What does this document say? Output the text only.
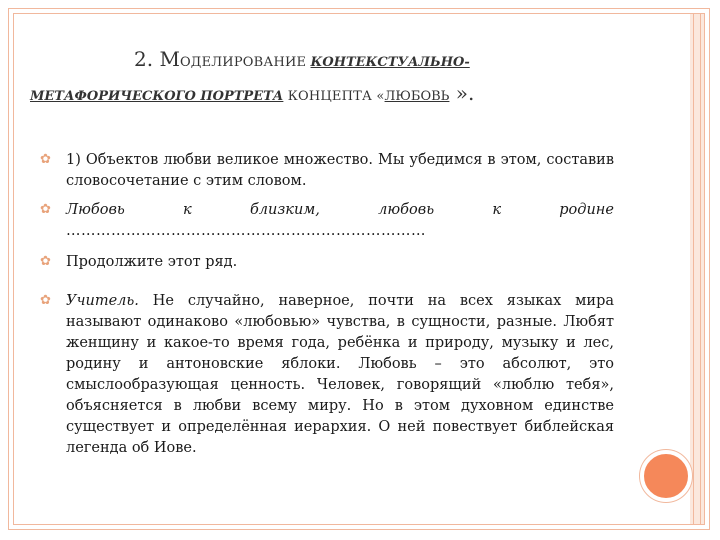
2. МОДЕЛИРОВАНИЕ КОНТЕКСТУАЛЬНО-
МЕТАФОРИЧЕСКОГО ПОРТРЕТА КОНЦЕПТА «ЛЮБОВЬ ».
✿ 1) Объектов любви великое множество. Мы убедимся в этом, составив словосочетание с этим словом.
✿ Любовь	к	близким,	любовь	к	родине
………………………………………………………………
✿ Продолжите этот ряд.
✿ Учитель. Не случайно, наверное, почти на всех языках мира называют одинаково «любовью» чувства, в сущности, разные. Любят женщину и какое-то время года, ребёнка и природу, музыку и лес, родину и антоновские яблоки. Любовь – это абсолют, это смыслообразующая ценность. Человек, говорящий «люблю тебя», объясняется в любви всему миру. Но в этом духовном единстве существует и определённая иерархия. О ней повествует библейская легенда об Иове.
